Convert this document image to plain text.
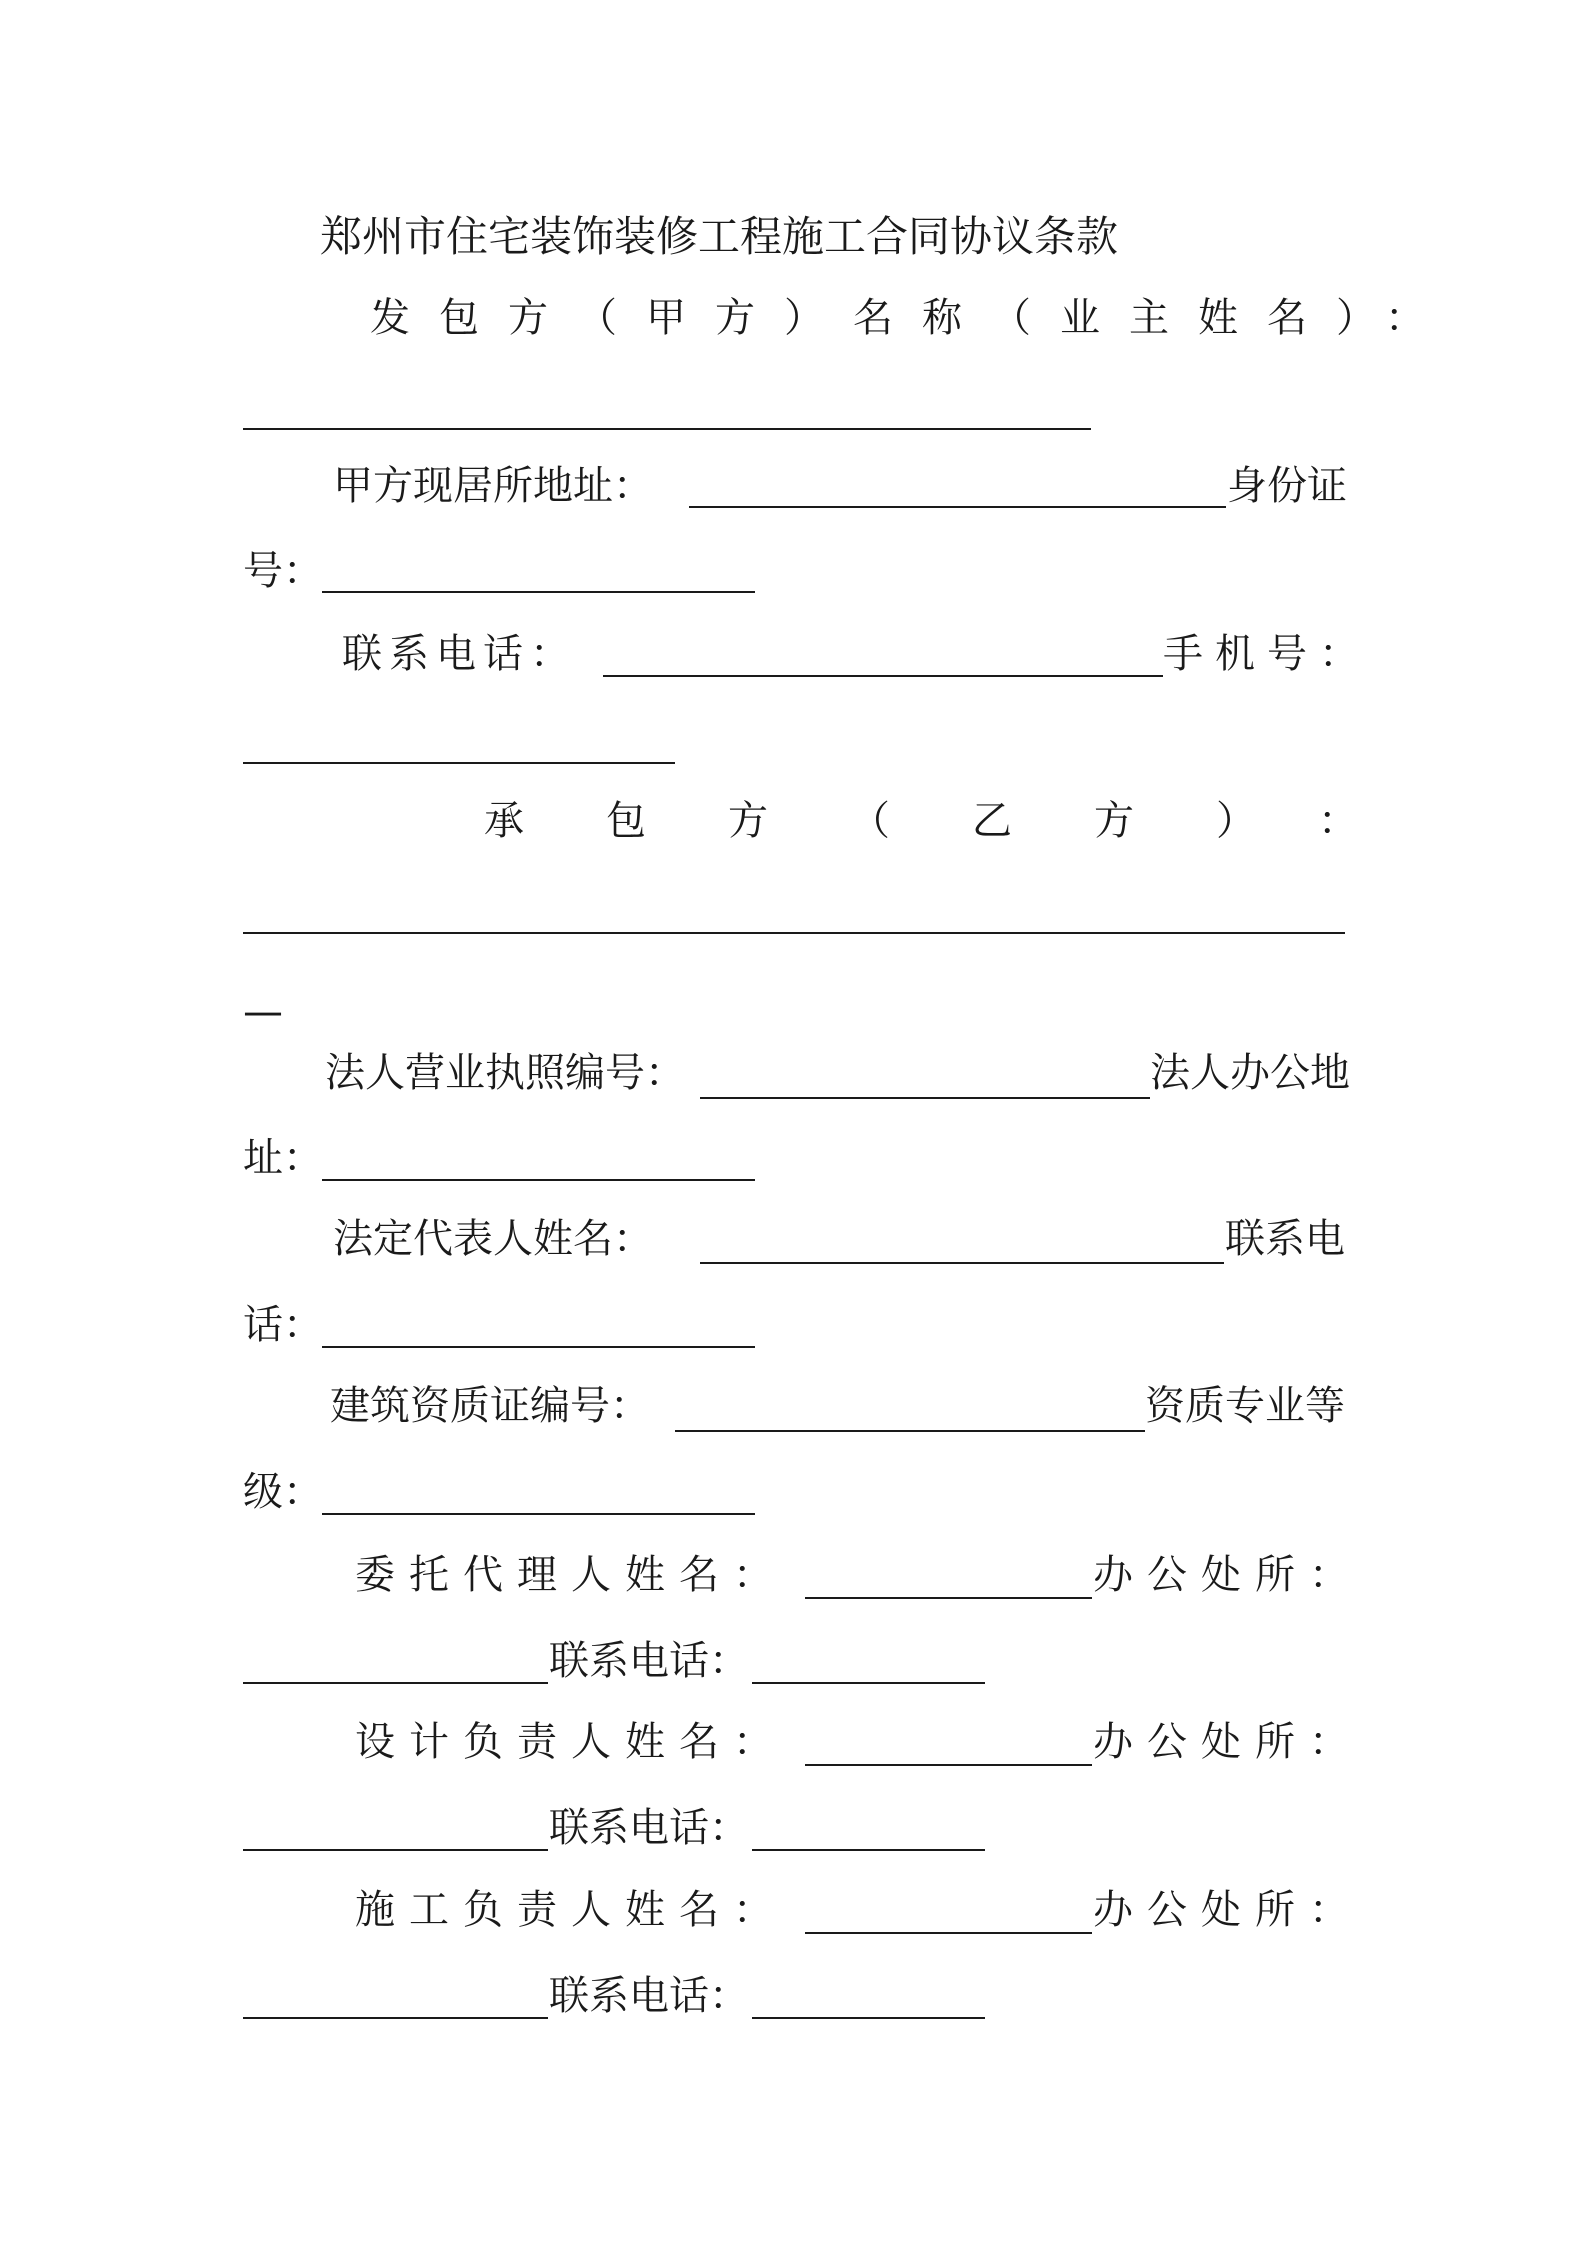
郑州市住宅装饰装修工程施工合同协议条款
发包方（甲方）名称（业主姓名）：
甲方现居所地址：	身份证
号：
联系电话：	手机号：
承包方（乙方）：
—
法人营业执照编号：	法人办公地
址：
法定代表人姓名：	联系电
话：
建筑资质证编号：	资质专业等
级：
委托代理人姓名：	办公处所：
联系电话：
设计负责人姓名：	办公处所：
联系电话：
施工负责人姓名：	办公处所：
联系电话：
